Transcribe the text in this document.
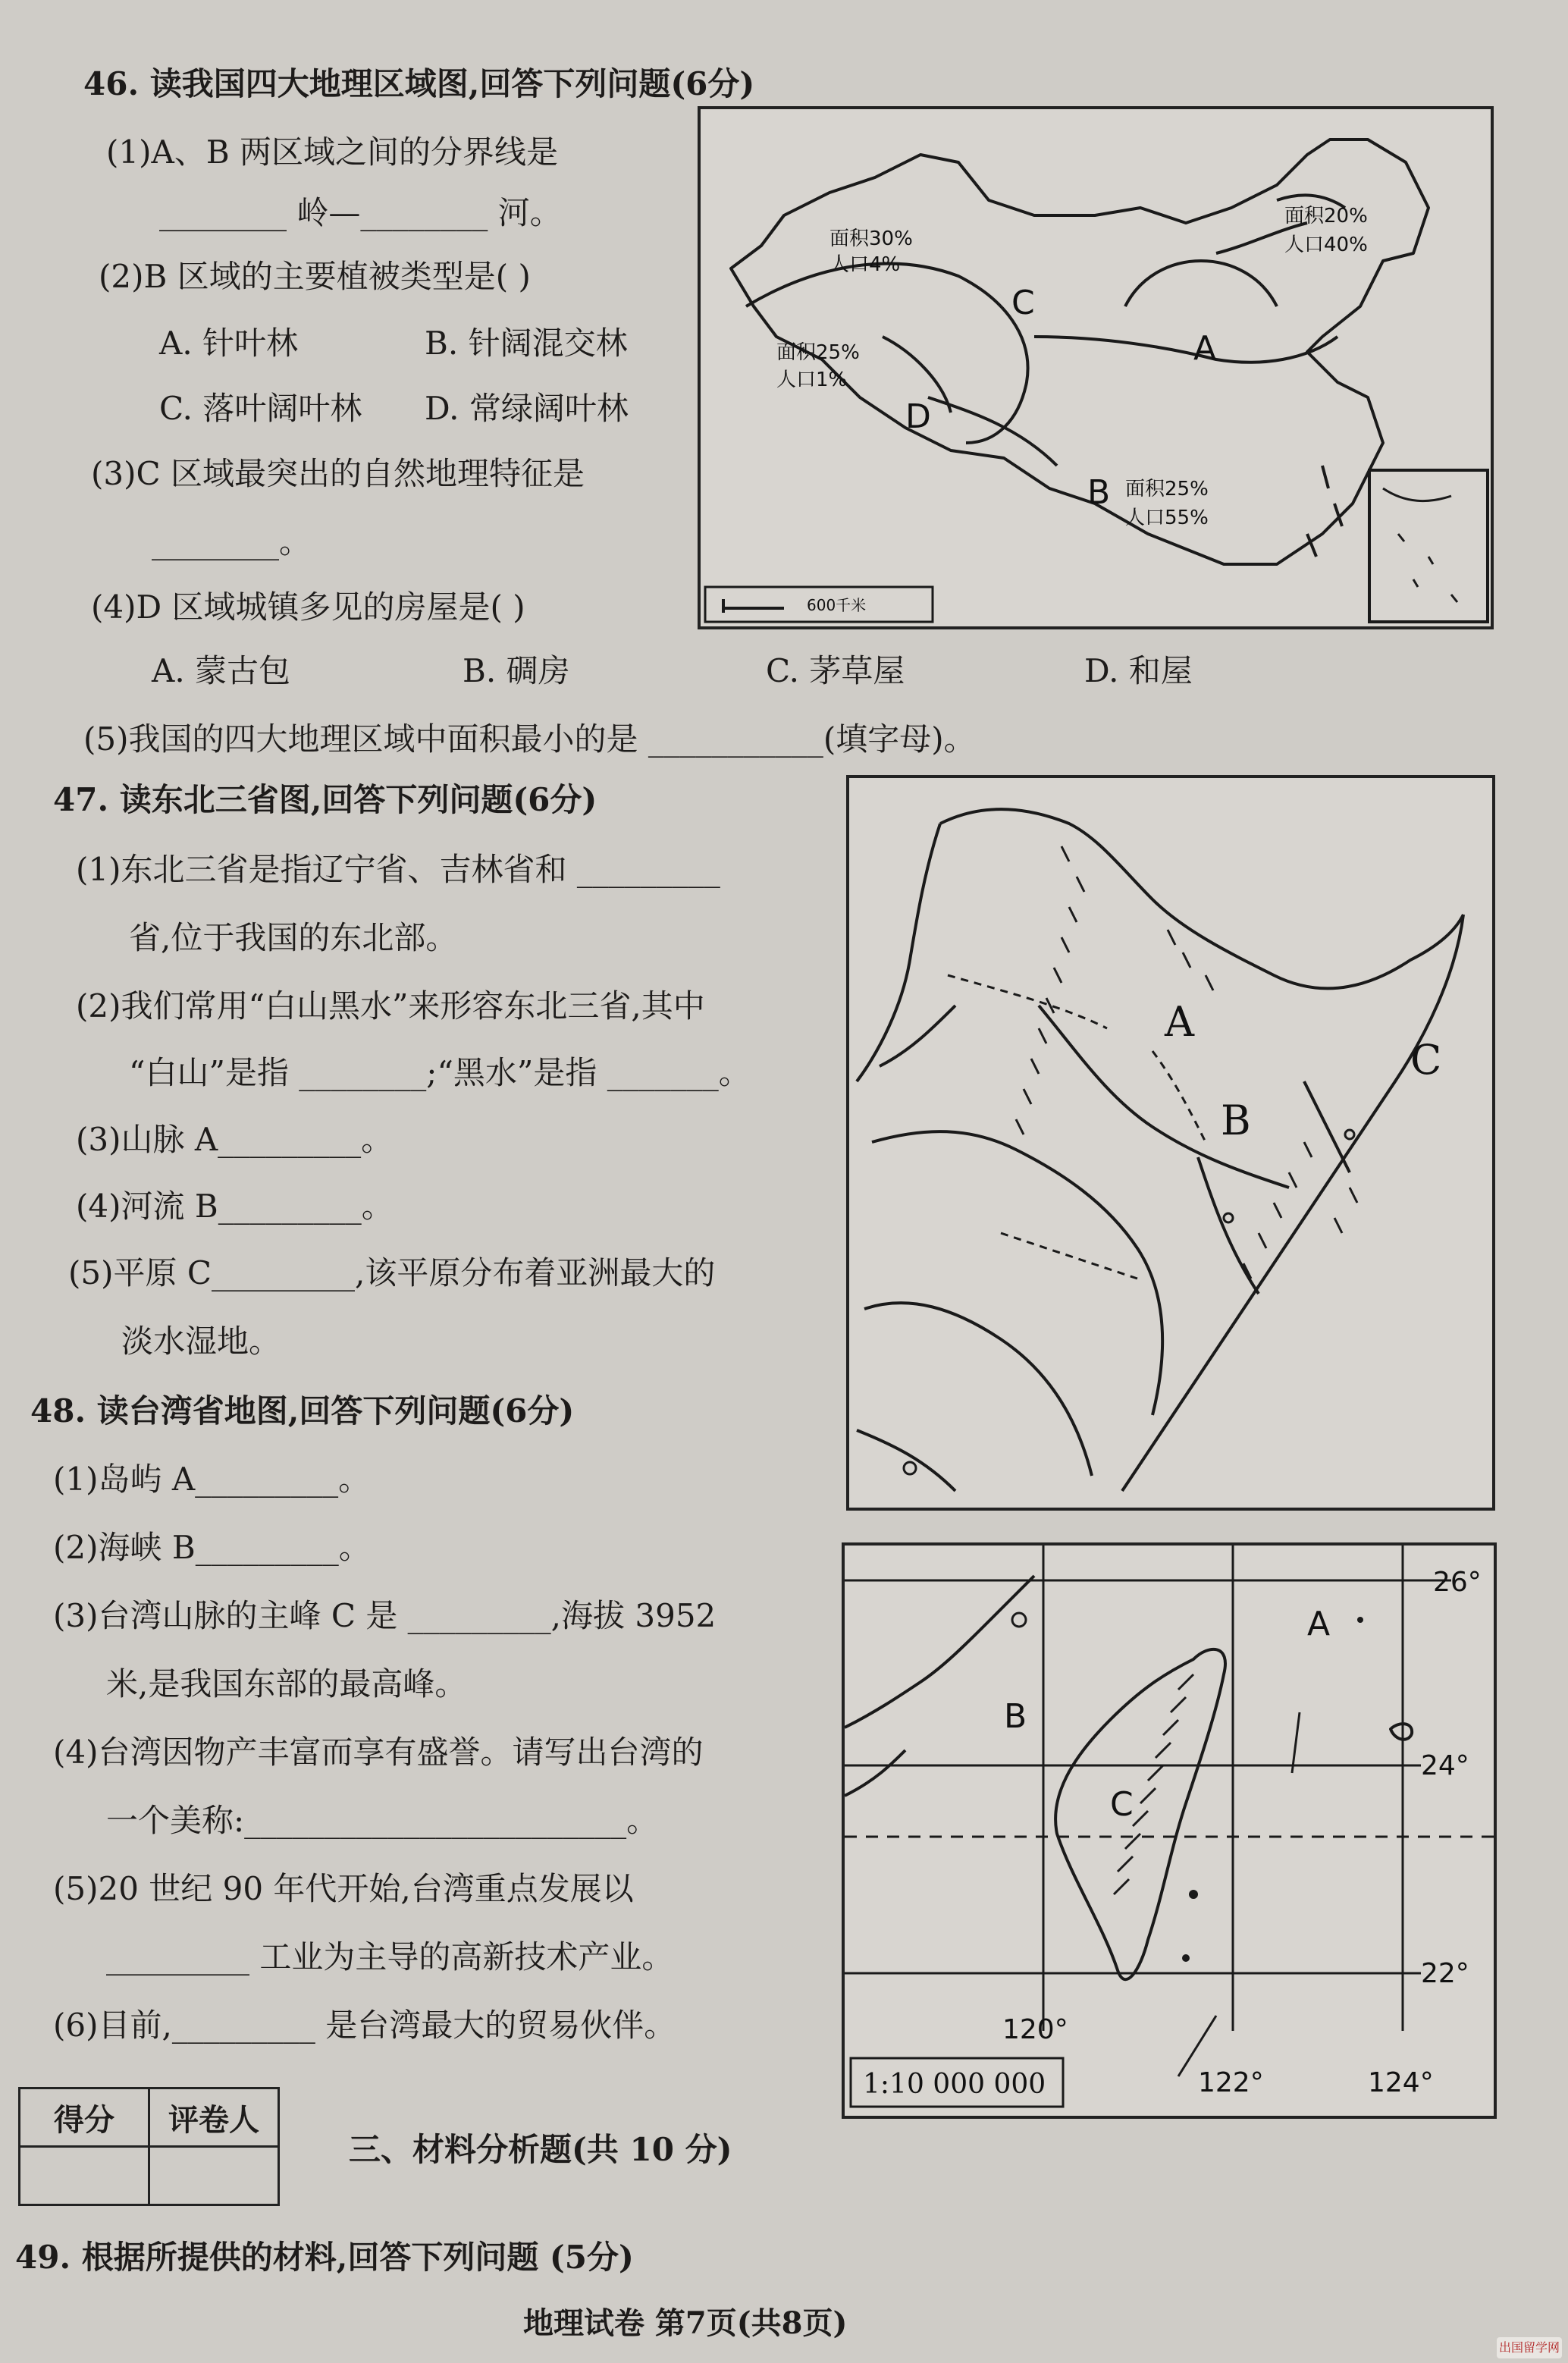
46. 读我国四大地理区域图,回答下列问题(6分)
(1)A、B 两区域之间的分界线是
________ 岭—________ 河。
(2)B 区域的主要植被类型是( )
A. 针叶林	B. 针阔混交林
C. 落叶阔叶林 D. 常绿阔叶林
(3)C 区域最突出的自然地理特征是
________。
(4)D 区域城镇多见的房屋是( )
A. 蒙古包	B. 碉房	C. 茅草屋	D. 和屋
(5)我国的四大地理区域中面积最小的是 ___________(填字母)。
面积30%
人口4%
面积25%
人口1%
面积20%
人口40%
面积25%
人口55%
A
B
C
D
600千米
47. 读东北三省图,回答下列问题(6分)
(1)东北三省是指辽宁省、吉林省和 _________
省,位于我国的东北部。
(2)我们常用“白山黑水”来形容东北三省,其中
“白山”是指 ________;“黑水”是指 _______。
(3)山脉 A_________。
(4)河流 B_________。
(5)平原 C_________,该平原分布着亚洲最大的
淡水湿地。
A
B
C
48. 读台湾省地图,回答下列问题(6分)
(1)岛屿 A_________。
(2)海峡 B_________。
(3)台湾山脉的主峰 C 是 _________,海拔 3952
米,是我国东部的最高峰。
(4)台湾因物产丰富而享有盛誉。请写出台湾的
一个美称:________________________。
(5)20 世纪 90 年代开始,台湾重点发展以
_________ 工业为主导的高新技术产业。
(6)目前,_________ 是台湾最大的贸易伙伴。
A
B
C
26°
24°
22°
120°
122°	124°
1:10 000 000
得分	评卷人

三、材料分析题(共 10 分)
49. 根据所提供的材料,回答下列问题 (5分)
地理试卷 第7页(共8页)
出国留学网
